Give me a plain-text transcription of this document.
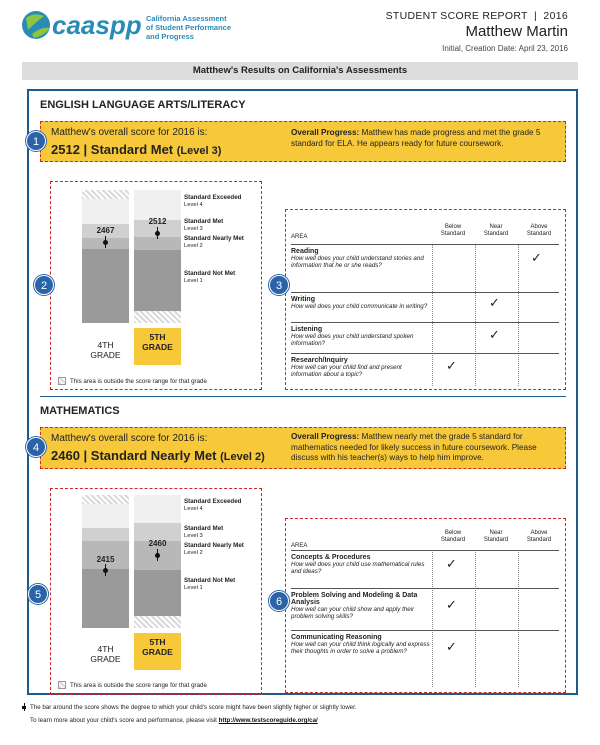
caaspp California Assessment
of Student Performance
and Progress
STUDENT SCORE REPORT  |  2016
Matthew Martin
Initial, Creation Date: April 23, 2016
Matthew's Results on California's Assessments
ENGLISH LANGUAGE ARTS/LITERACY
Matthew's overall score for 2016 is:
2512 | Standard Met (Level 3)
Overall Progress: Matthew has made progress and met the grade 5 standard for ELA. He appears ready for future coursework.
1
2467
2512
Standard Exceeded
Level 4
Standard Met
Level 3
Standard Nearly Met
Level 2
Standard Not Met
Level 1
4TH
GRADE
5TH
GRADE
This area is outside the score range for that grade
2
AREA
Below
Standard
Near
Standard
Above
Standard
Reading
How well does your child understand stories and information that he or she reads?
✓
Writing
How well does your child communicate in writing?	✓
Listening
How well does your child understand spoken information?
✓
Research/Inquiry
How well can your child find and present information about a topic?
✓
3
MATHEMATICS
Matthew's overall score for 2016 is:
2460 | Standard Nearly Met (Level 2)
Overall Progress: Matthew nearly met the grade 5 standard for mathematics needed for likely success in future coursework. Please discuss with his teacher(s) ways to help him improve.
4
2415
2460
Standard Exceeded
Level 4
Standard Met
Level 3
Standard Nearly Met
Level 2
Standard Not Met
Level 1
4TH
GRADE
5TH
GRADE
This area is outside the score range for that grade
5
AREA
Below
Standard
Near
Standard
Above
Standard
Concepts & Procedures
How well does your child use mathematical rules and ideas?
✓
Problem Solving and Modeling & Data Analysis
How well can your child show and apply their problem solving skills?
✓
Communicating Reasoning
How well can your child think logically and express their thoughts in order to solve a problem?	✓
6
The bar around the score shows the degree to which your child's score might have been slightly higher or slightly lower.
To learn more about your child's score and performance, please visit http://www.testscoreguide.org/ca/
